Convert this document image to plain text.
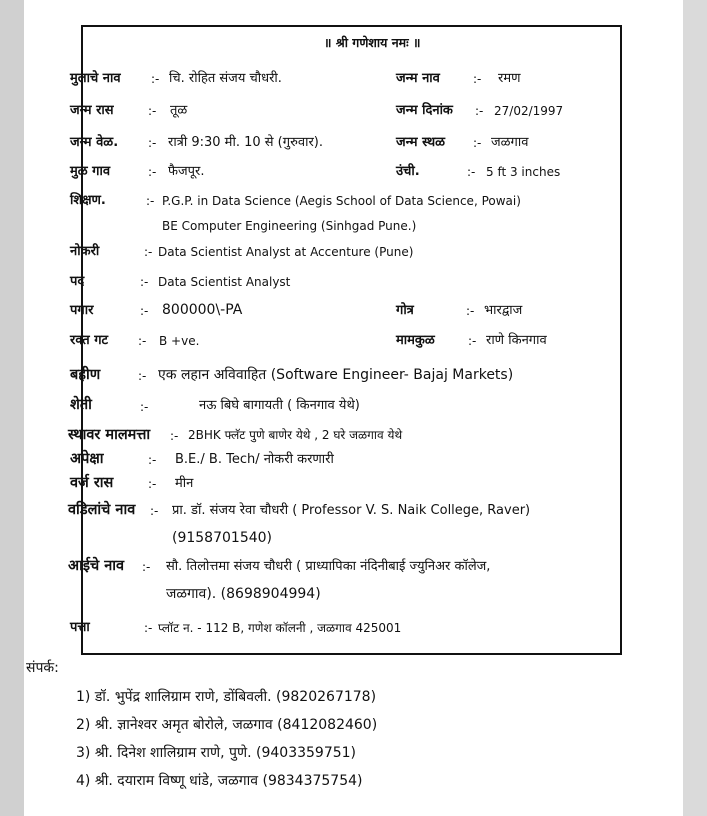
॥ श्री गणेशाय नमः ॥
मुलाचे नाव	:- चि. रोहित संजय चौधरी.	जन्म नाव	:- रमण
जन्म रास	:- तूळ	जन्म दिनांक :- 27/02/1997
जन्म वेळ. :- रात्री 9:30 मी. 10 से (गुरुवार).	जन्म स्थळ :- जळगाव
मुळ गाव	:- फैजपूर.	उंची.	:- 5 ft 3 inches
शिक्षण.	:- P.G.P. in Data Science (Aegis School of Data Science, Powai)
BE Computer Engineering (Sinhgad Pune.)
नोकरी	:- Data Scientist Analyst at Accenture (Pune)
पद	:- Data Scientist Analyst
पगार	:- 800000\-PA	गोत्र	:- भारद्वाज
रक्त गट :- B +ve.	मामकुळ	:- राणे किनगाव
बहीण	:- एक लहान अविवाहित (Software Engineer- Bajaj Markets)
शेती	:-	नऊ बिघे बागायती ( किनगाव येथे)
स्थावर मालमत्ता :- 2BHK फ्लॅट पुणे बाणेर येथे , 2 घरे जळगाव येथे
अपेक्षा	:- B.E./ B. Tech/ नोकरी करणारी
वर्ज रास	:- मीन
वडिलांचे नाव :- प्रा. डॉ. संजय रेवा चौधरी ( Professor V. S. Naik College, Raver)
(9158701540)
आईचे नाव :- सौ. तिलोत्तमा संजय चौधरी ( प्राध्यापिका नंदिनीबाई ज्युनिअर कॉलेज,
जळगाव). (8698904994)
पत्ता	:- प्लॉट न. - 112 B, गणेश कॉलनी , जळगाव 425001
संपर्क:
1) डॉ. भुपेंद्र शालिग्राम राणे, डोंबिवली. (9820267178)
2) श्री. ज्ञानेश्वर अमृत बोरोले, जळगाव (8412082460)
3) श्री. दिनेश शालिग्राम राणे, पुणे. (9403359751)
4) श्री. दयाराम विष्णू धांडे, जळगाव (9834375754)
